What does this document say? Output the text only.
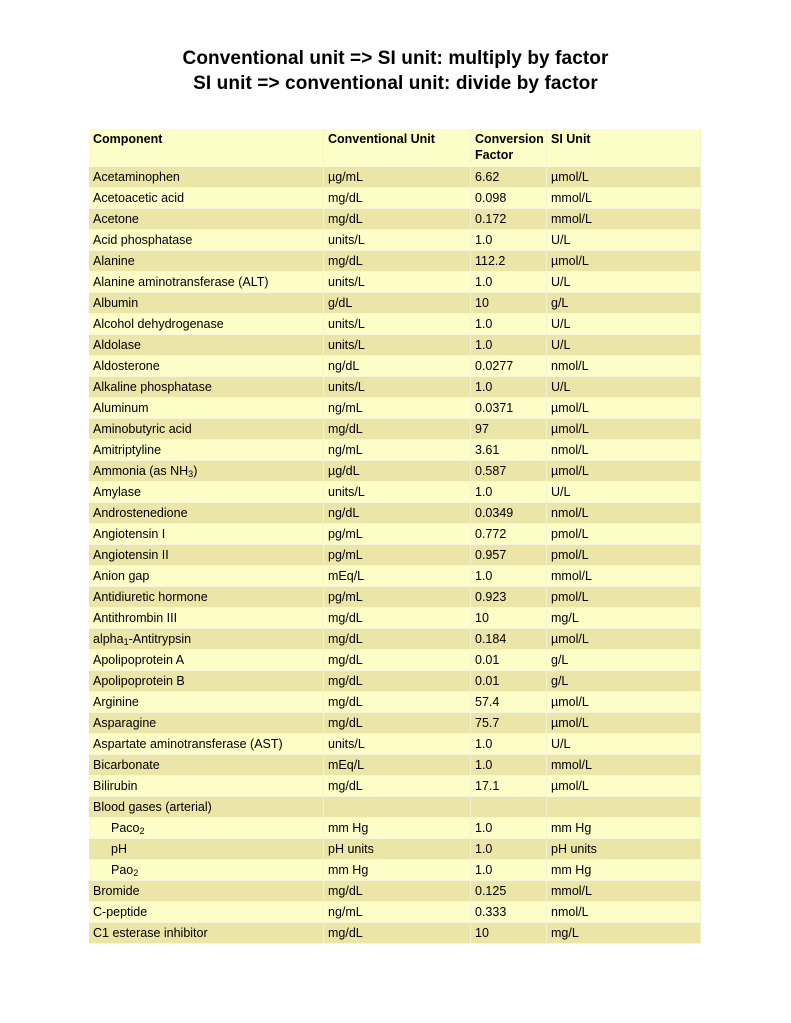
Conventional unit => SI unit: multiply by factor
SI unit => conventional unit: divide by factor
Component	Conventional Unit	Conversion Factor	SI Unit
Acetaminophen	µg/mL	6.62	µmol/L
Acetoacetic acid	mg/dL	0.098	mmol/L
Acetone	mg/dL	0.172	mmol/L
Acid phosphatase	units/L	1.0	U/L
Alanine	mg/dL	112.2	µmol/L
Alanine aminotransferase (ALT)	units/L	1.0	U/L
Albumin	g/dL	10	g/L
Alcohol dehydrogenase	units/L	1.0	U/L
Aldolase	units/L	1.0	U/L
Aldosterone	ng/dL	0.0277	nmol/L
Alkaline phosphatase	units/L	1.0	U/L
Aluminum	ng/mL	0.0371	µmol/L
Aminobutyric acid	mg/dL	97	µmol/L
Amitriptyline	ng/mL	3.61	nmol/L
Ammonia (as $NH_3$)	µg/dL	0.587	µmol/L
Amylase	units/L	1.0	U/L
Androstenedione	ng/dL	0.0349	nmol/L
Angiotensin I	pg/mL	0.772	pmol/L
Angiotensin II	pg/mL	0.957	pmol/L
Anion gap	mEq/L	1.0	mmol/L
Antidiuretic hormone	pg/mL	0.923	pmol/L
Antithrombin III	mg/dL	10	mg/L
alpha$_1$-Antitrypsin	mg/dL	0.184	µmol/L
Apolipoprotein A	mg/dL	0.01	g/L
Apolipoprotein B	mg/dL	0.01	g/L
Arginine	mg/dL	57.4	µmol/L
Asparagine	mg/dL	75.7	µmol/L
Aspartate aminotransferase (AST)	units/L	1.0	U/L
Bicarbonate	mEq/L	1.0	mmol/L
Bilirubin	mg/dL	17.1	µmol/L
Blood gases (arterial)			
Paco$_2$	mm Hg	1.0	mm Hg
pH	pH units	1.0	pH units
Pao$_2$	mm Hg	1.0	mm Hg
Bromide	mg/dL	0.125	mmol/L
C-peptide	ng/mL	0.333	nmol/L
C1 esterase inhibitor	mg/dL	10	mg/L
